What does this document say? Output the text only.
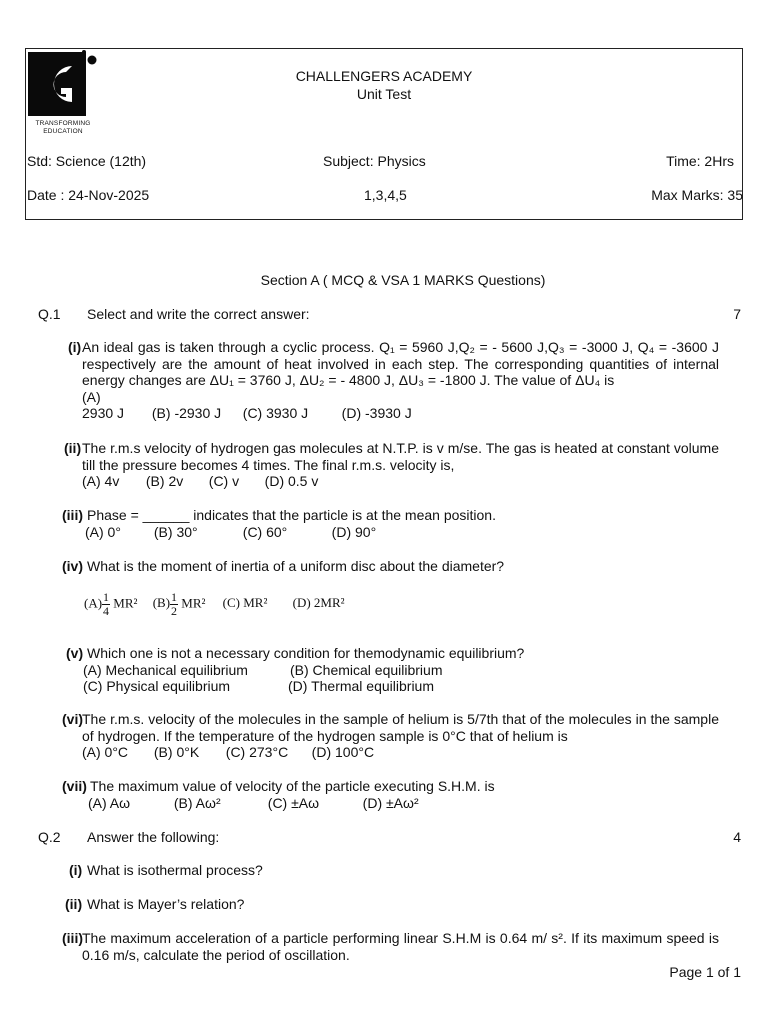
TRANSFORMING EDUCATION
CHALLENGERS ACADEMY
Unit Test
Std: Science (12th)	Subject: Physics	Time: 2Hrs
Date : 24-Nov-2025	1,3,4,5	Max Marks: 35
Section A ( MCQ & VSA 1 MARKS Questions)
Q.1 Select and write the correct answer:	7
(i) An ideal gas is taken through a cyclic process. Q₁ = 5960 J,Q₂ = - 5600 J,Q₃ = -3000 J, Q₄ = -3600 J respectively are the amount of heat involved in each step. The corresponding quantities of internal energy changes are ΔU₁ = 3760 J, ΔU₂ = - 4800 J, ΔU₃ = -1800 J. The value of ΔU₄ is
(A) 2930 J (B) -2930 J (C) 3930 J (D) -3930 J
(ii) The r.m.s velocity of hydrogen gas molecules at N.T.P. is v m/se. The gas is heated at constant volume till the pressure becomes 4 times. The final r.m.s. velocity is,
(A) 4v (B) 2v (C) v (D) 0.5 v
(iii) Phase = ______ indicates that the particle is at the mean position.
(A) 0° (B) 30°	(C) 60°	(D) 90°
(iv) What is the moment of inertia of a uniform disc about the diameter?
$(A) \frac{1}{4} MR^2$ $(B) \frac{1}{2} MR^2$ (C) MR² (D) 2MR²
(v) Which one is not a necessary condition for themodynamic equilibrium?
(A) Mechanical equilibrium	(B) Chemical equilibrium
(C) Physical equilibrium	(D) Thermal equilibrium
(vi) The r.m.s. velocity of the molecules in the sample of helium is 5/7th that of the molecules in the sample of hydrogen. If the temperature of the hydrogen sample is 0°C that of helium is
(A) 0°C (B) 0°K (C) 273°C (D) 100°C
(vii) The maximum value of velocity of the particle executing S.H.M. is
(A) Aω	(B) Aω²	(C) ±Aω	(D) ±Aω²
Q.2 Answer the following:	4
(i) What is isothermal process?
(ii) What is Mayer’s relation?
(iii) The maximum acceleration of a particle performing linear S.H.M is 0.64 m/ s². If its maximum speed is 0.16 m/s, calculate the period of oscillation.
Page 1 of 1
